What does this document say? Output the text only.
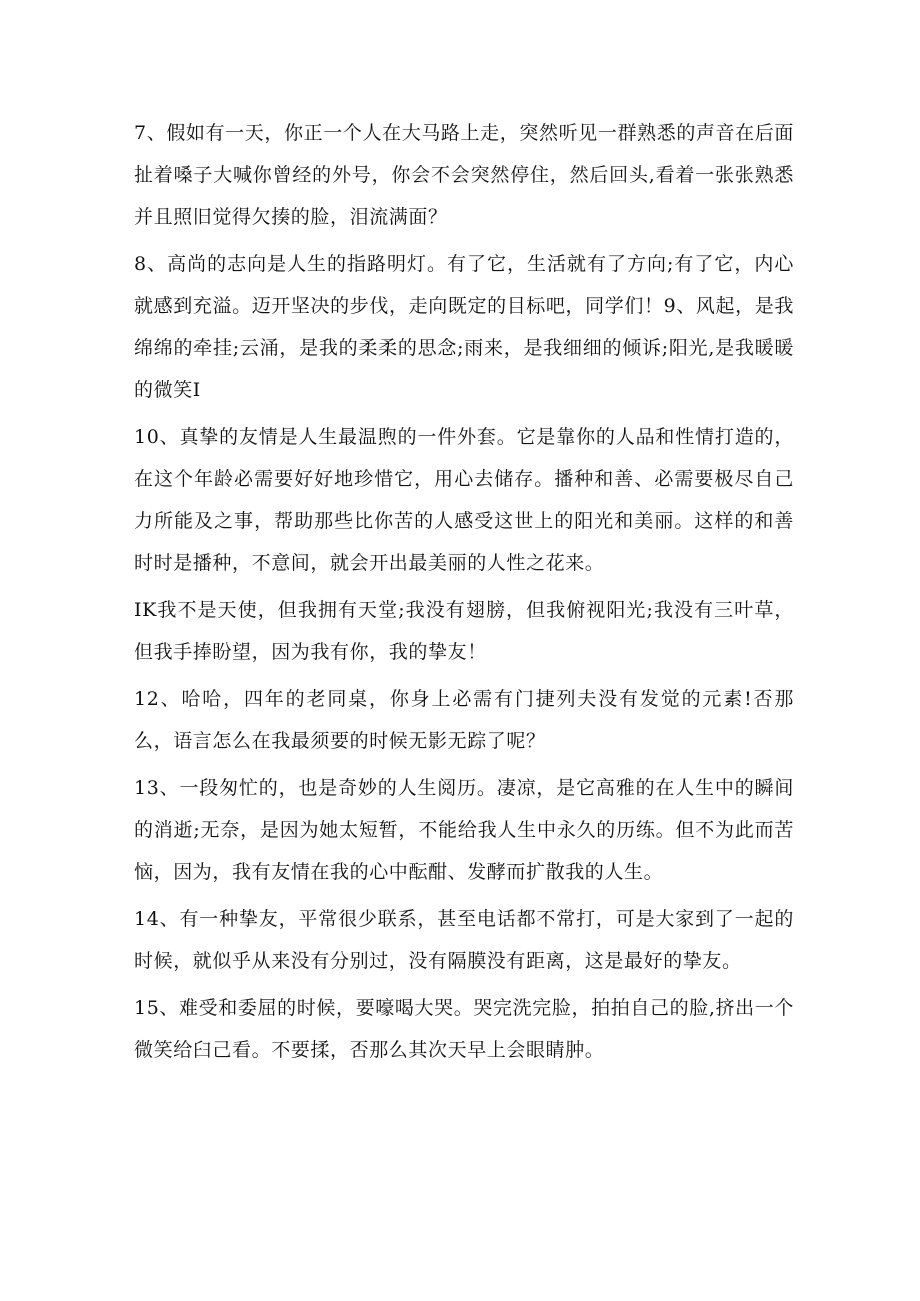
7、假如有一天，你正一个人在大马路上走，突然听见一群熟悉的声音在后面扯着嗓子大喊你曾经的外号，你会不会突然停住，然后回头,看着一张张熟悉并且照旧觉得欠揍的脸，泪流满面？

8、高尚的志向是人生的指路明灯。有了它，生活就有了方向;有了它，内心就感到充溢。迈开坚决的步伐，走向既定的目标吧，同学们！9、风起，是我绵绵的牵挂;云涌，是我的柔柔的思念;雨来，是我细细的倾诉;阳光,是我暖暖的微笑I

10、真挚的友情是人生最温煦的一件外套。它是靠你的人品和性情打造的，在这个年龄必需要好好地珍惜它，用心去储存。播种和善、必需要极尽自己力所能及之事，帮助那些比你苦的人感受这世上的阳光和美丽。这样的和善时时是播种，不意间，就会开出最美丽的人性之花来。

IK我不是天使，但我拥有天堂;我没有翅膀，但我俯视阳光;我没有三叶草，但我手捧盼望，因为我有你，我的挚友！

12、哈哈，四年的老同桌，你身上必需有门捷列夫没有发觉的元素!否那么，语言怎么在我最须要的时候无影无踪了呢？

13、一段匆忙的，也是奇妙的人生阅历。凄凉，是它高雅的在人生中的瞬间的消逝;无奈，是因为她太短暂，不能给我人生中永久的历练。但不为此而苦恼，因为，我有友情在我的心中酝酣、发酵而扩散我的人生。

14、有一种挚友，平常很少联系，甚至电话都不常打，可是大家到了一起的时候，就似乎从来没有分别过，没有隔膜没有距离，这是最好的挚友。

15、难受和委屈的时候，要嚎喝大哭。哭完洗完脸，拍拍自己的脸,挤出一个微笑给臼己看。不要揉，否那么其次天早上会眼睛肿。
